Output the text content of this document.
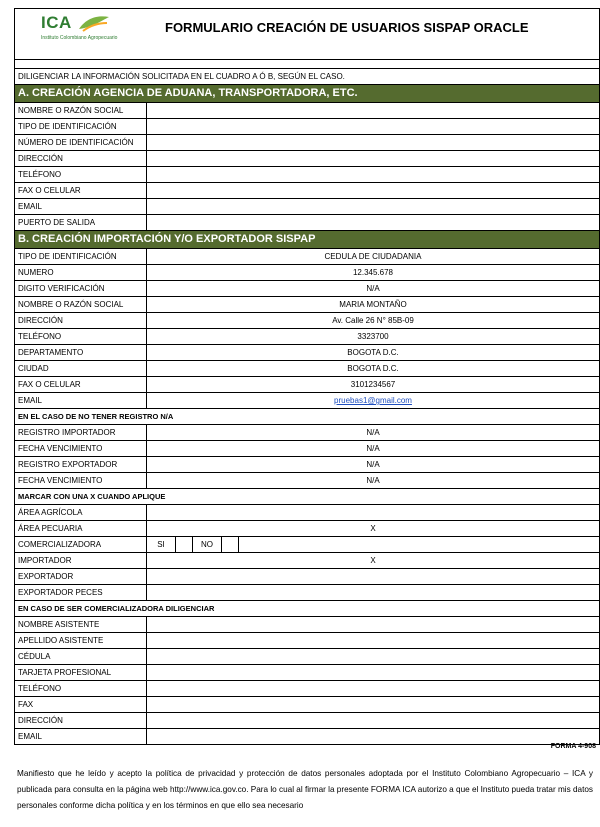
ICA
Instituto Colombiano Agropecuario
FORMULARIO CREACIÓN DE USUARIOS SISPAP ORACLE
DILIGENCIAR LA INFORMACIÓN SOLICITADA EN EL CUADRO A Ó B, SEGÚN EL CASO.
A. CREACIÓN AGENCIA DE ADUANA, TRANSPORTADORA, ETC.
NOMBRE O RAZÓN SOCIAL
TIPO DE IDENTIFICACIÓN
NÚMERO DE IDENTIFICACIÓN
DIRECCIÓN
TELÉFONO
FAX O CELULAR
EMAIL
PUERTO DE SALIDA
B. CREACIÓN IMPORTACIÓN Y/O EXPORTADOR SISPAP
TIPO DE IDENTIFICACIÓN	CEDULA DE CIUDADANIA
NUMERO	12.345.678
DIGITO VERIFICACIÓN	N/A
NOMBRE O RAZÓN SOCIAL	MARIA MONTAÑO
DIRECCIÓN	Av. Calle 26 N° 85B-09
TELÉFONO	3323700
DEPARTAMENTO	BOGOTA D.C.
CIUDAD	BOGOTA D.C.
FAX O CELULAR	3101234567
EMAIL	pruebas1@gmail.com
EN EL CASO DE NO TENER REGISTRO N/A
REGISTRO IMPORTADOR	N/A
FECHA VENCIMIENTO	N/A
REGISTRO EXPORTADOR	N/A
FECHA VENCIMIENTO	N/A
MARCAR CON UNA X CUANDO APLIQUE
ÁREA AGRÍCOLA
ÁREA PECUARIA	X
COMERCIALIZADORA	SI	NO
IMPORTADOR	X
EXPORTADOR
EXPORTADOR PECES
EN CASO DE SER COMERCIALIZADORA DILIGENCIAR
NOMBRE ASISTENTE
APELLIDO ASISTENTE
CÉDULA
TARJETA PROFESIONAL
TELÉFONO
FAX
DIRECCIÓN
EMAIL
FORMA 4-908
Manifiesto que he leído y acepto la política de privacidad y protección de datos personales adoptada por el Instituto Colombiano Agropecuario – ICA y publicada para consulta en la página web http://www.ica.gov.co. Para lo cual al firmar la presente FORMA ICA autorizo a que el Instituto pueda tratar mis datos personales conforme dicha política y en los términos en que ello sea necesario
